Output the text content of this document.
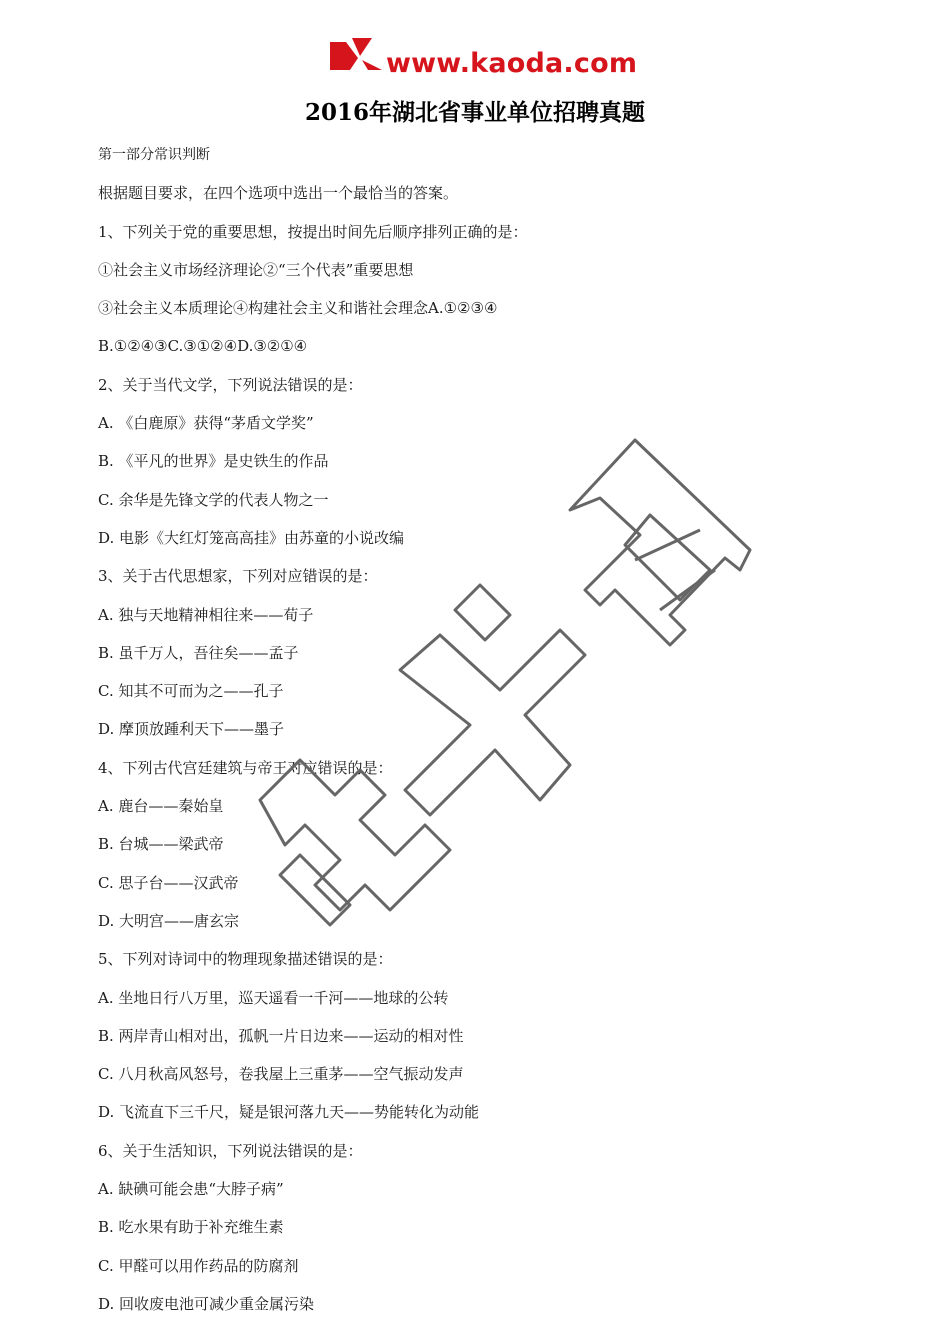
www.kaoda.com
2016年湖北省事业单位招聘真题
第一部分常识判断
根据题目要求，在四个选项中选出一个最恰当的答案。
1、下列关于党的重要思想，按提出时间先后顺序排列正确的是：
①社会主义市场经济理论②“三个代表”重要思想
③社会主义本质理论④构建社会主义和谐社会理念A.①②③④
B.①②④③C.③①②④D.③②①④
2、关于当代文学，下列说法错误的是：
A. 《白鹿原》获得“茅盾文学奖”
B. 《平凡的世界》是史铁生的作品
C. 余华是先锋文学的代表人物之一
D. 电影《大红灯笼高高挂》由苏童的小说改编
3、关于古代思想家，下列对应错误的是：
A. 独与天地精神相往来——荀子
B. 虽千万人，吾往矣——孟子
C. 知其不可而为之——孔子
D. 摩顶放踵利天下——墨子
4、下列古代宫廷建筑与帝王对应错误的是：
A. 鹿台——秦始皇
B. 台城——梁武帝
C. 思子台——汉武帝
D. 大明宫——唐玄宗
5、下列对诗词中的物理现象描述错误的是：
A. 坐地日行八万里，巡天遥看一千河——地球的公转
B. 两岸青山相对出，孤帆一片日边来——运动的相对性
C. 八月秋高风怒号，卷我屋上三重茅——空气振动发声
D. 飞流直下三千尺，疑是银河落九天——势能转化为动能
6、关于生活知识，下列说法错误的是：
A. 缺碘可能会患“大脖子病”
B. 吃水果有助于补充维生素
C. 甲醛可以用作药品的防腐剂
D. 回收废电池可减少重金属污染
